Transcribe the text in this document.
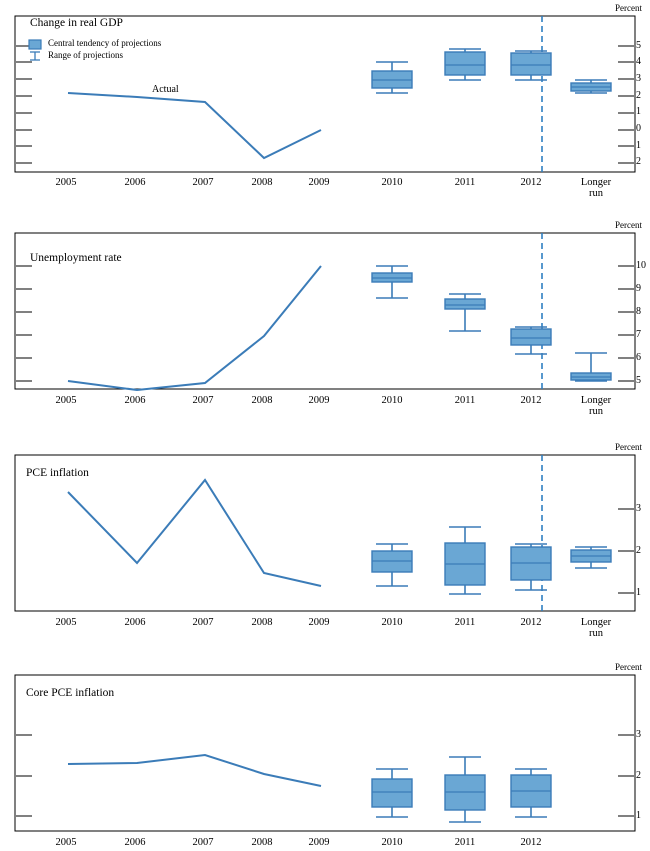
Percent
Change in real GDP
Central tendency of projections
Range of projections
Actual
5
4
3
2
1
0
1
2
2005	2006	2007	2008	2009	2010	2011	2012	Longer
run
Percent
Unemployment rate
10
9
8
7
6
5
2005	2006	2007	2008	2009	2010	2011	2012	Longer
run
Percent
PCE inflation
3
2
1
2005	2006	2007	2008	2009	2010	2011	2012	Longer
run
Percent
Core PCE inflation
3
2
1
2005	2006	2007	2008	2009	2010	2011	2012
